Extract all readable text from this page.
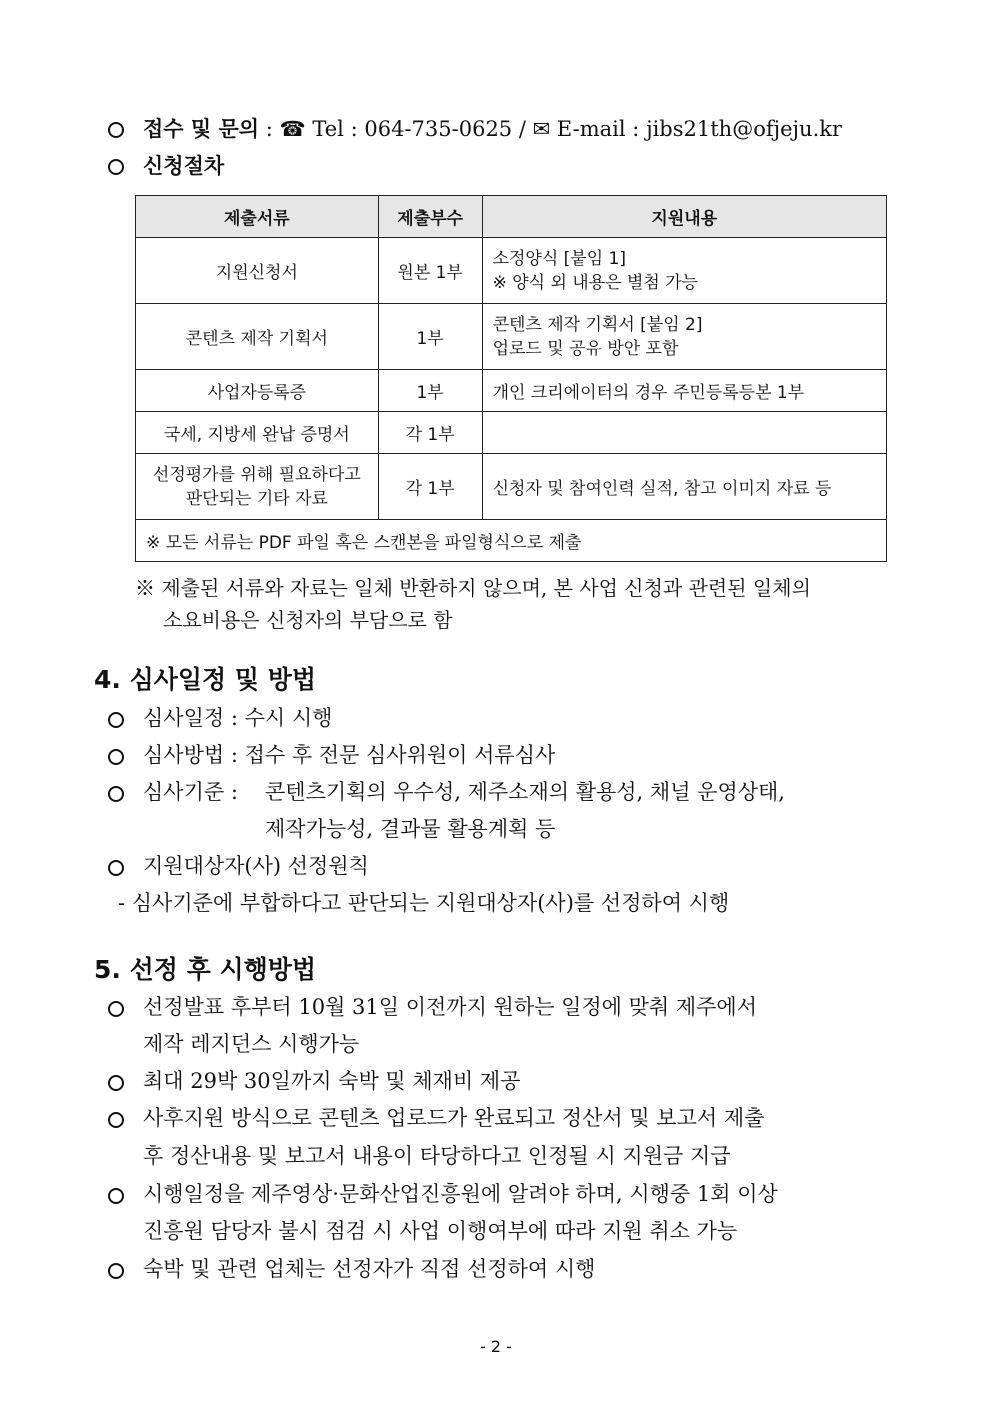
접수 및 문의 : ☎ Tel : 064-735-0625 / ✉ E-mail : jibs21th@ofjeju.kr
신청절차
제출서류	제출부수	지원내용
지원신청서	원본 1부	소정양식 [붙임 1]
※ 양식 외 내용은 별첨 가능

콘텐츠 제작 기획서	1부	콘텐츠 제작 기획서 [붙임 2]
업로드 및 공유 방안 포함

사업자등록증	1부	개인 크리에이터의 경우 주민등록등본 1부
국세, 지방세 완납 증명서	각 1부	

선정평가를 위해 필요하다고
판단되는 기타 자료	각 1부	신청자 및 참여인력 실적, 참고 이미지 자료 등
※ 모든 서류는 PDF 파일 혹은 스캔본을 파일형식으로 제출		
※ 제출된 서류와 자료는 일체 반환하지 않으며, 본 사업 신청과 관련된 일체의
소요비용은 신청자의 부담으로 함
4. 심사일정 및 방법
심사일정 : 수시 시행
심사방법 : 접수 후 전문 심사위원이 서류심사
심사기준 : 콘텐츠기획의 우수성, 제주소재의 활용성, 채널 운영상태,
제작가능성, 결과물 활용계획 등
지원대상자(사) 선정원칙
- 심사기준에 부합하다고 판단되는 지원대상자(사)를 선정하여 시행
5. 선정 후 시행방법
선정발표 후부터 10월 31일 이전까지 원하는 일정에 맞춰 제주에서
제작 레지던스 시행가능
최대 29박 30일까지 숙박 및 체재비 제공
사후지원 방식으로 콘텐츠 업로드가 완료되고 정산서 및 보고서 제출
후 정산내용 및 보고서 내용이 타당하다고 인정될 시 지원금 지급
시행일정을 제주영상·문화산업진흥원에 알려야 하며, 시행중 1회 이상
진흥원 담당자 불시 점검 시 사업 이행여부에 따라 지원 취소 가능
숙박 및 관련 업체는 선정자가 직접 선정하여 시행
- 2 -
